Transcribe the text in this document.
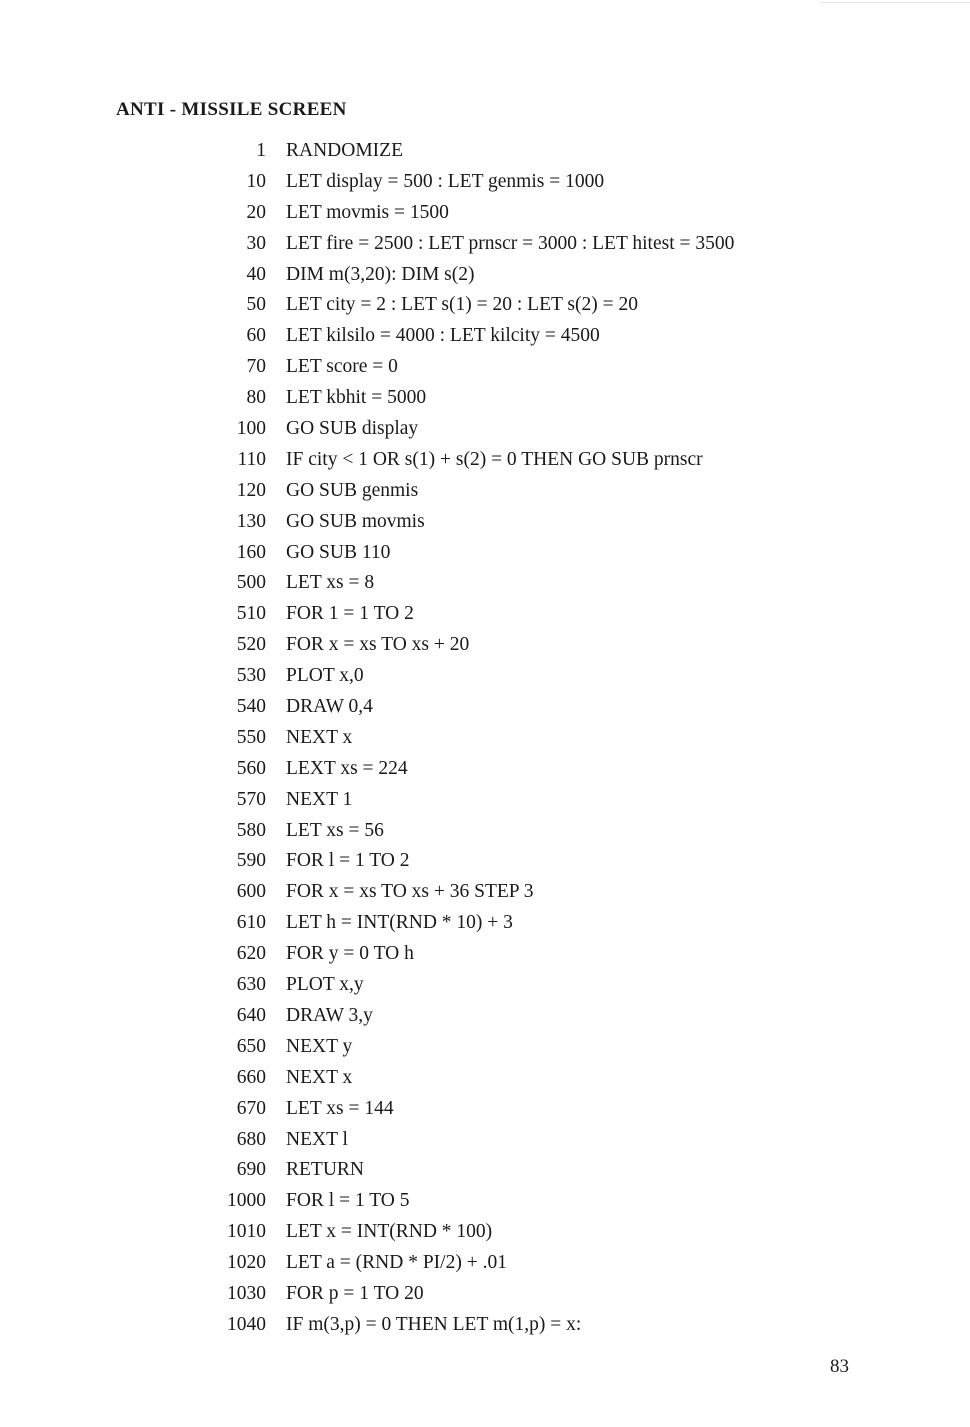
ANTI - MISSILE SCREEN
1 RANDOMIZE
10 LET display = 500 : LET genmis = 1000
20 LET movmis = 1500
30 LET fire = 2500 : LET prnscr = 3000 : LET hitest = 3500
40 DIM m(3,20): DIM s(2)
50 LET city = 2 : LET s(1) = 20 : LET s(2) = 20
60 LET kilsilo = 4000 : LET kilcity = 4500
70 LET score = 0
80 LET kbhit = 5000
100 GO SUB display
110 IF city < 1 OR s(1) + s(2) = 0 THEN GO SUB prnscr
120 GO SUB genmis
130 GO SUB movmis
160 GO SUB 110
500 LET xs = 8
510 FOR 1 = 1 TO 2
520 FOR x = xs TO xs + 20
530 PLOT x,0
540 DRAW 0,4
550 NEXT x
560 LEXT xs = 224
570 NEXT 1
580 LET xs = 56
590 FOR l = 1 TO 2
600 FOR x = xs TO xs + 36 STEP 3
610 LET h = INT(RND * 10) + 3
620 FOR y = 0 TO h
630 PLOT x,y
640 DRAW 3,y
650 NEXT y
660 NEXT x
670 LET xs = 144
680 NEXT l
690 RETURN
1000 FOR l = 1 TO 5
1010 LET x = INT(RND * 100)
1020 LET a = (RND * PI/2) + .01
1030 FOR p = 1 TO 20
1040 IF m(3,p) = 0 THEN LET m(1,p) = x:
83
